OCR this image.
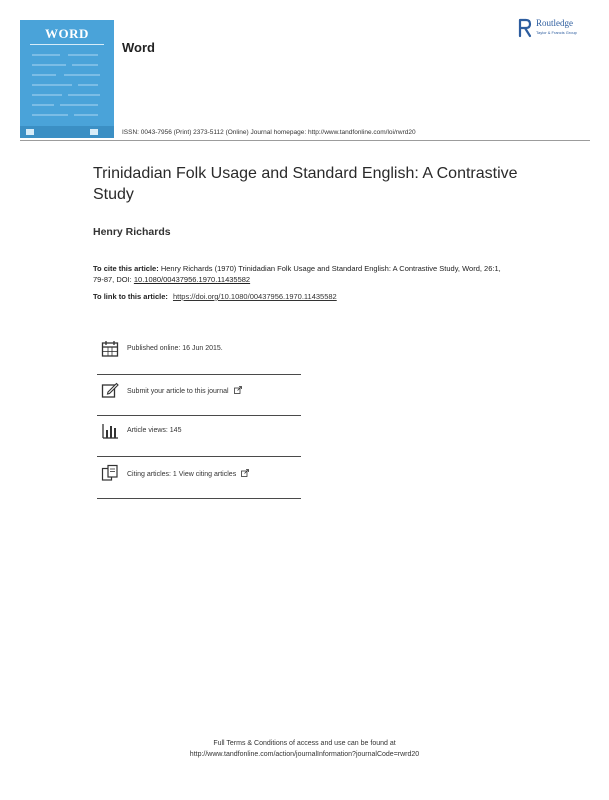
WORD
Word
Routledge
Taylor & Francis Group
ISSN: 0043-7956 (Print) 2373-5112 (Online) Journal homepage: http://www.tandfonline.com/loi/rwrd20
Trinidadian Folk Usage and Standard English: A Contrastive Study
Henry Richards
To cite this article: Henry Richards (1970) Trinidadian Folk Usage and Standard English: A Contrastive Study, Word, 26:1, 79-87, DOI: 10.1080/00437956.1970.11435582
To link to this article: https://doi.org/10.1080/00437956.1970.11435582
Published online: 16 Jun 2015.
Submit your article to this journal
Article views: 145
Citing articles: 1 View citing articles
Full Terms & Conditions of access and use can be found at
http://www.tandfonline.com/action/journalInformation?journalCode=rwrd20
